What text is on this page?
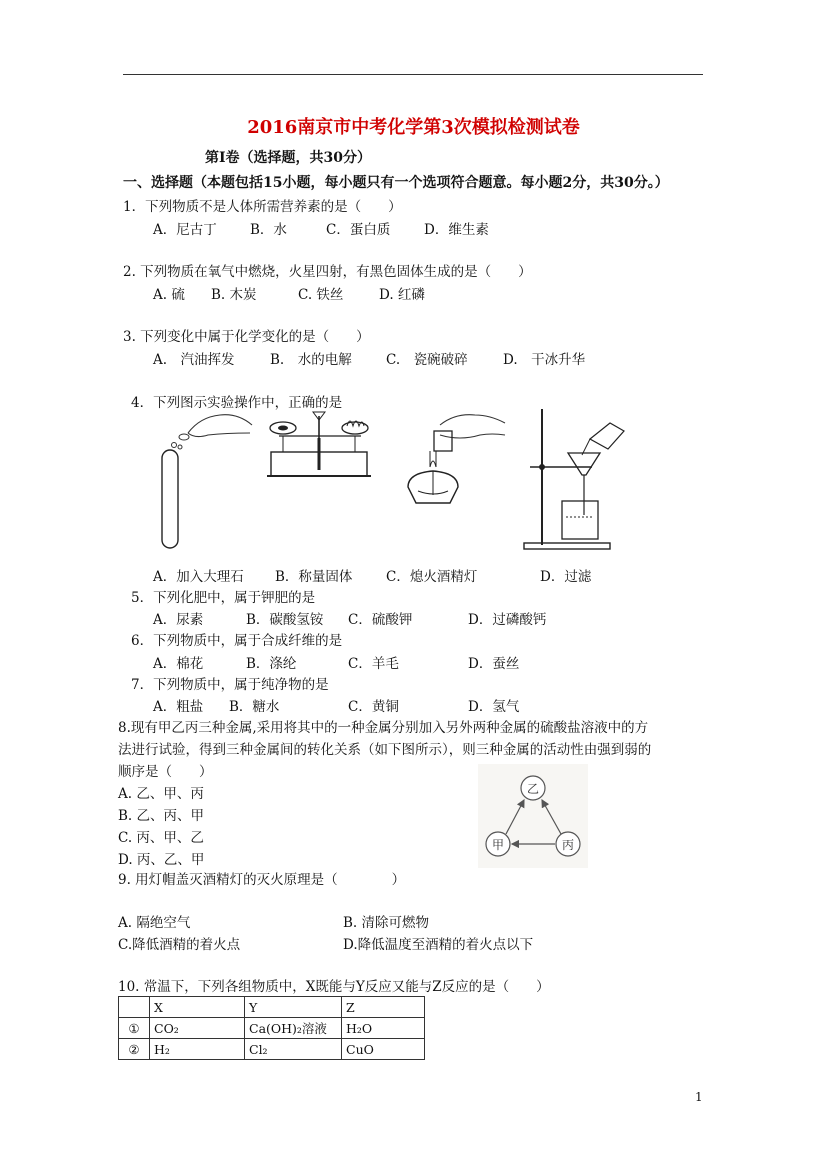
2016南京市中考化学第3次模拟检测试卷
第Ⅰ卷（选择题，共30分）
一、选择题（本题包括15小题，每小题只有一个选项符合题意。每小题2分，共30分。）
1．下列物质不是人体所需营养素的是（　　）
A．尼古丁 B．水	C．蛋白质 D．维生素
2. 下列物质在氧气中燃烧，火星四射，有黑色固体生成的是（　　）
A. 硫 B. 木炭	C. 铁丝	D. 红磷
3. 下列变化中属于化学变化的是（　　）
A.　汽油挥发	B.　水的电解	C.　瓷碗破碎	D.　干冰升华
4．下列图示实验操作中，正确的是
A．加入大理石 B．称量固体 C．熄火酒精灯	D．过滤
5．下列化肥中，属于钾肥的是
A．尿素	B．碳酸氢铵 C．硫酸钾	D．过磷酸钙
6．下列物质中，属于合成纤维的是
A．棉花	B．涤纶	C．羊毛	D．蚕丝
7．下列物质中，属于纯净物的是
A．粗盐 B．糖水	C．黄铜	D．氢气
8.现有甲乙丙三种金属,采用将其中的一种金属分别加入另外两种金属的硫酸盐溶液中的方
法进行试验，得到三种金属间的转化关系（如下图所示），则三种金属的活动性由强到弱的
顺序是（　　）
A. 乙、甲、丙
B. 乙、丙、甲
C. 丙、甲、乙
D. 丙、乙、甲
乙
甲	丙
9. 用灯帽盖灭酒精灯的灭火原理是（　　　　）
A. 隔绝空气	B. 清除可燃物
C.降低酒精的着火点	D.降低温度至酒精的着火点以下
10. 常温下，下列各组物质中，X既能与Y反应又能与Z反应的是（　　）
	X	Y	Z
①	CO₂	Ca(OH)₂溶液	H₂O
②	H₂	Cl₂	CuO
1
